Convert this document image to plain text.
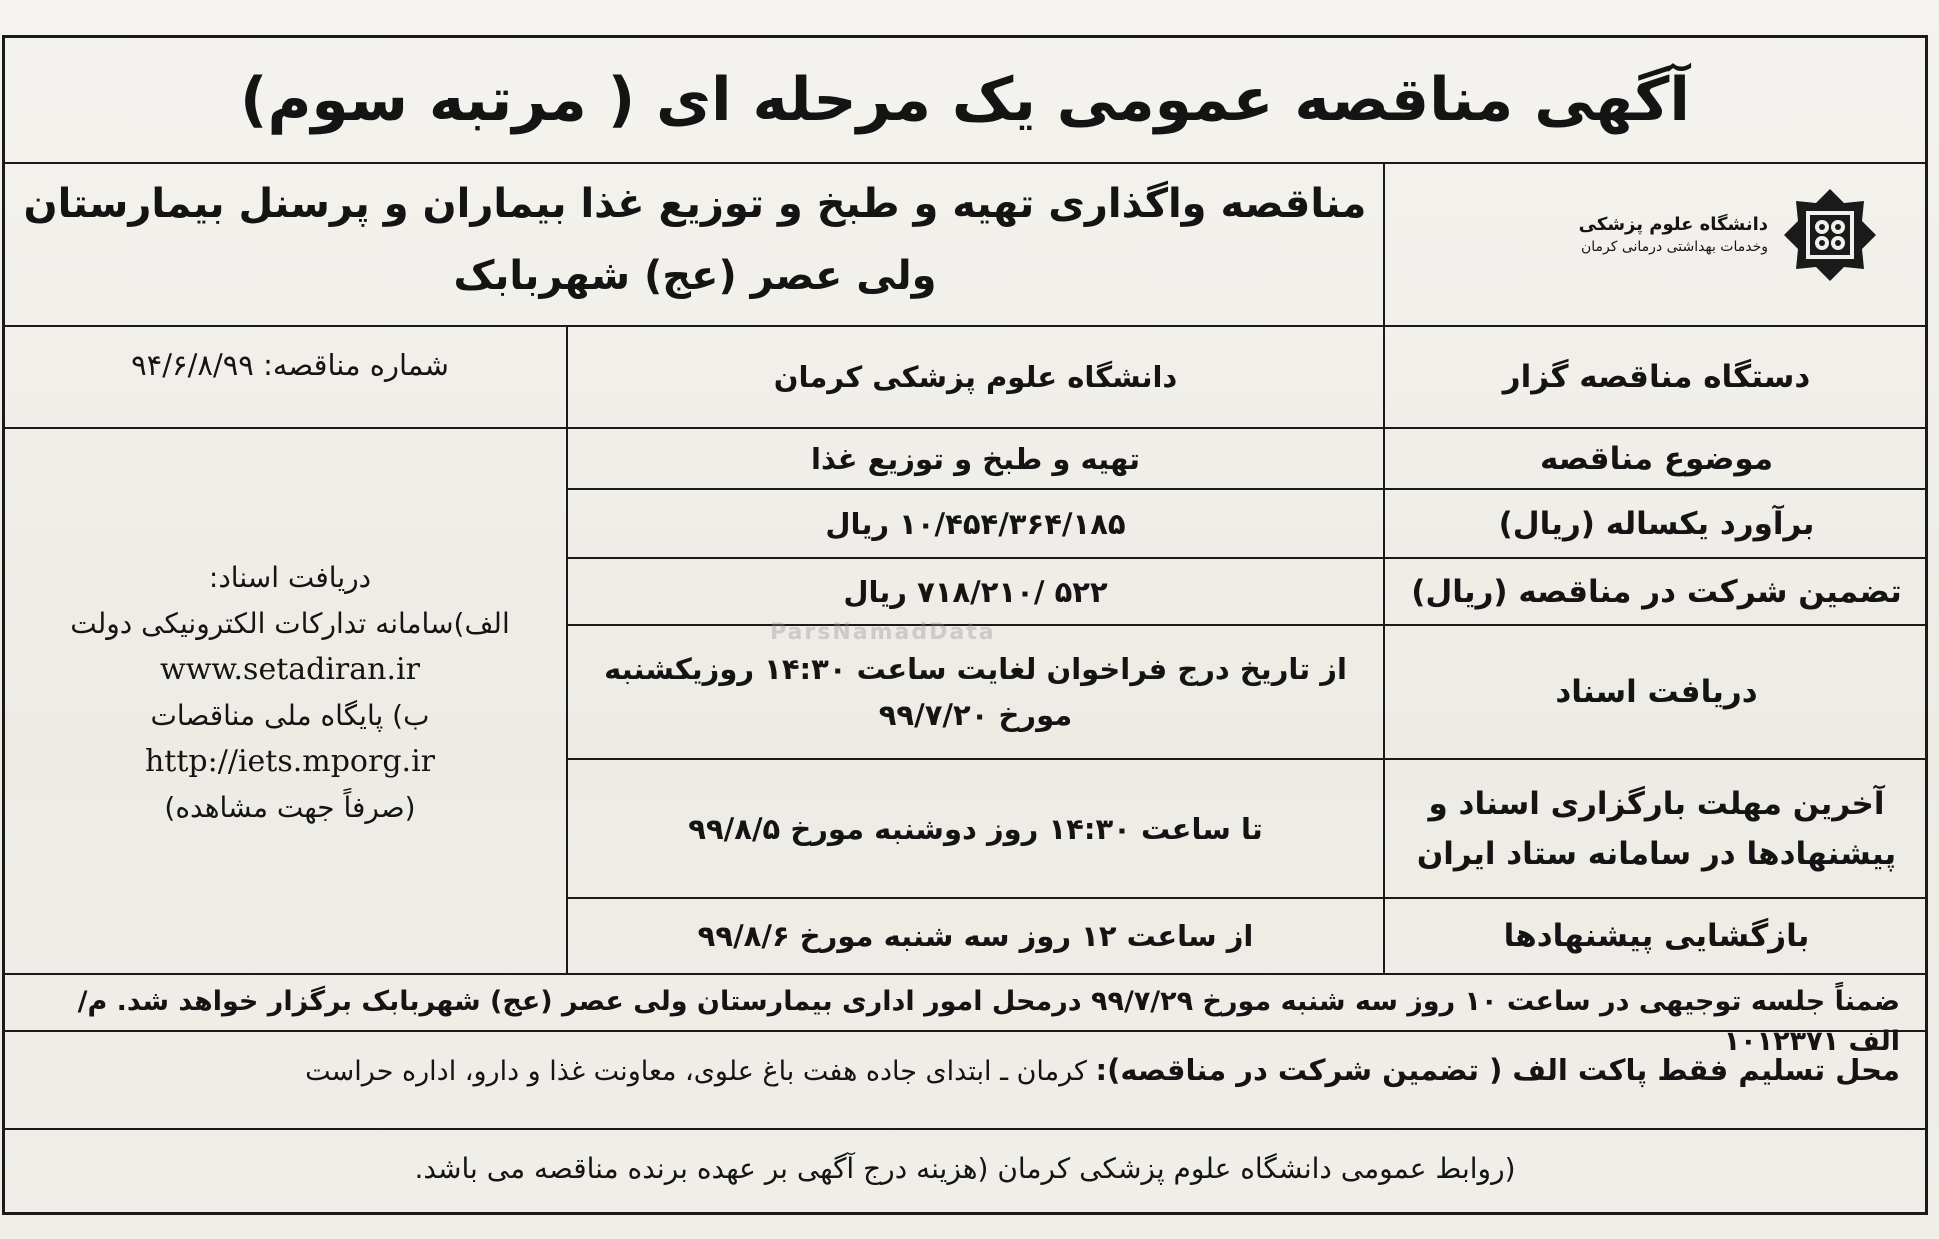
آگهی مناقصه عمومی یک مرحله ای ( مرتبه سوم)
دانشگاه علوم پزشکی
وخدمات بهداشتی درمانی کرمان
مناقصه واگذاری تهیه و طبخ و توزیع غذا بیماران و پرسنل بیمارستان ولی عصر (عج) شهربابک
دستگاه مناقصه گزار
دانشگاه علوم پزشکی کرمان
موضوع مناقصه
تهیه و طبخ و توزیع غذا
برآورد یکساله (ریال)
۱۰/۴۵۴/۳۶۴/۱۸۵ ریال
تضمین شرکت در مناقصه (ریال)
۵۲۲ /۷۱۸/۲۱۰ ریال
دریافت اسناد
از تاریخ درج فراخوان لغایت ساعت ۱۴:۳۰ روزیکشنبه مورخ ۹۹/۷/۲۰
آخرین مهلت بارگزاری اسناد و پیشنهادها در سامانه ستاد ایران
تا ساعت ۱۴:۳۰ روز دوشنبه مورخ ۹۹/۸/۵
بازگشایی پیشنهادها
از ساعت ۱۲ روز سه شنبه مورخ ۹۹/۸/۶
شماره مناقصه: ۹۴/۶/۸/۹۹
دریافت اسناد:
الف)سامانه تدارکات الکترونیکی دولت
www.setadiran.ir
ب) پایگاه ملی مناقصات
http://iets.mporg.ir
(صرفاً جهت مشاهده)
ParsNamadData
ضمناً جلسه توجیهی در ساعت ۱۰ روز سه شنبه مورخ ۹۹/۷/۲۹ درمحل امور اداری بیمارستان ولی عصر (عج) شهربابک برگزار خواهد شد. م/الف ۱۰۱۲۳۷۱
محل تسلیم فقط پاکت الف ( تضمین شرکت در مناقصه): کرمان ـ ابتدای جاده هفت باغ علوی، معاونت غذا و دارو، اداره حراست
(روابط عمومی دانشگاه علوم پزشکی کرمان (هزینه درج آگهی بر عهده برنده مناقصه می باشد.
